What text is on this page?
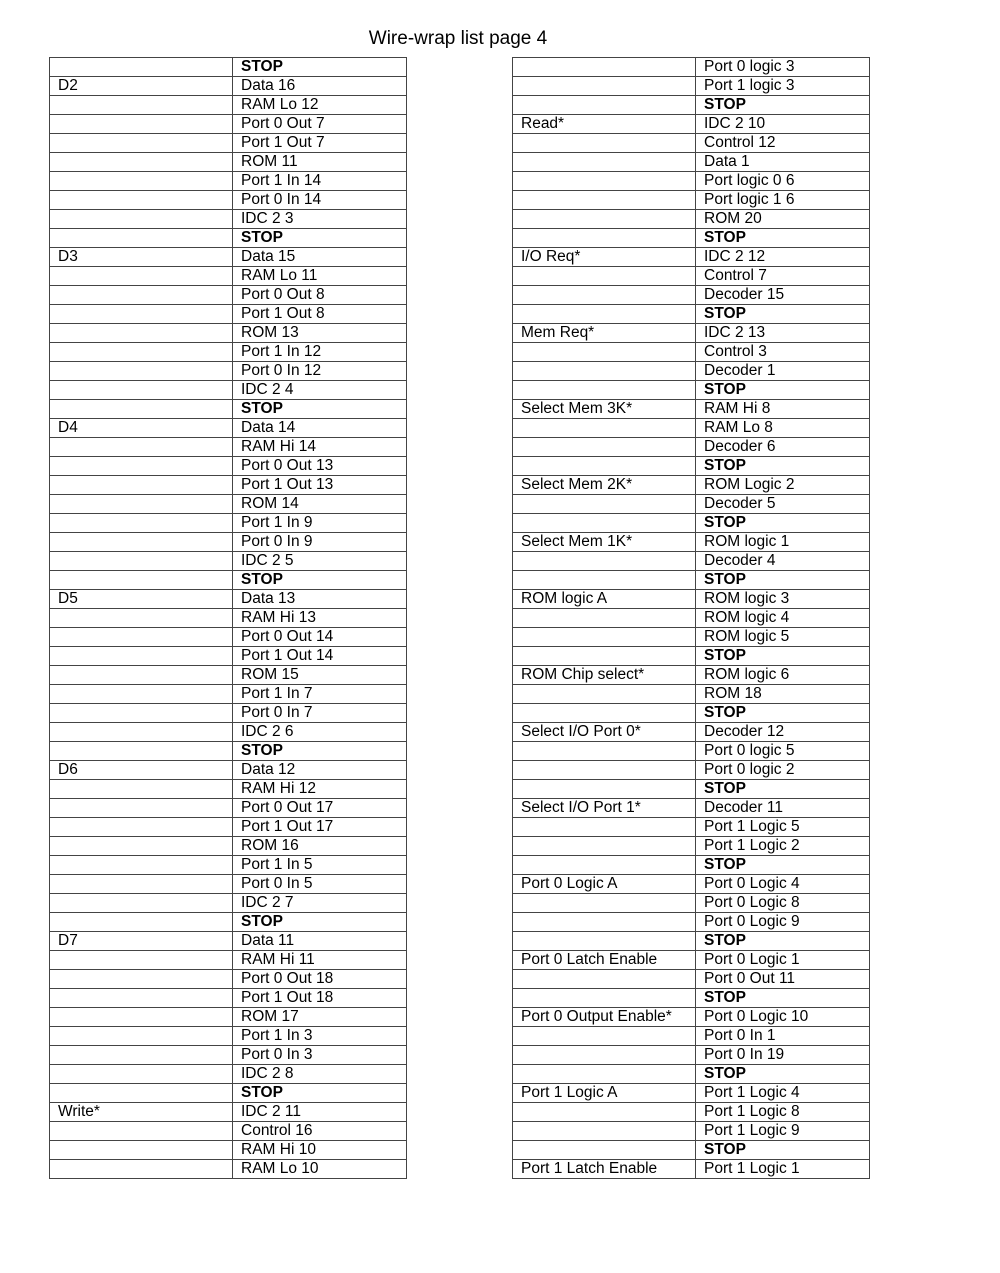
Wire-wrap list page 4
	STOP
D2	Data 16
	RAM Lo 12
	Port 0 Out 7
	Port 1 Out 7
	ROM 11
	Port 1 In 14
	Port 0 In 14
	IDC 2 3
	STOP
D3	Data 15
	RAM Lo 11
	Port 0 Out 8
	Port 1 Out 8
	ROM 13
	Port 1 In 12
	Port 0 In 12
	IDC 2 4
	STOP
D4	Data 14
	RAM Hi 14
	Port 0 Out 13
	Port 1 Out 13
	ROM 14
	Port 1 In 9
	Port 0 In 9
	IDC 2 5
	STOP
D5	Data 13
	RAM Hi 13
	Port 0 Out 14
	Port 1 Out 14
	ROM 15
	Port 1 In 7
	Port 0 In 7
	IDC 2 6
	STOP
D6	Data 12
	RAM Hi 12
	Port 0 Out 17
	Port 1 Out 17
	ROM 16
	Port 1 In 5
	Port 0 In 5
	IDC 2 7
	STOP
D7	Data 11
	RAM Hi 11
	Port 0 Out 18
	Port 1 Out 18
	ROM 17
	Port 1 In 3
	Port 0 In 3
	IDC 2 8
	STOP
Write*	IDC 2 11
	Control 16
	RAM Hi 10
	RAM Lo 10
	Port 0 logic 3
	Port 1 logic 3
	STOP
Read*	IDC 2 10
	Control 12
	Data 1
	Port logic 0 6
	Port logic 1 6
	ROM 20
	STOP
I/O Req*	IDC 2 12
	Control 7
	Decoder 15
	STOP
Mem Req*	IDC 2 13
	Control 3
	Decoder 1
	STOP
Select Mem 3K*	RAM Hi 8
	RAM Lo 8
	Decoder 6
	STOP
Select Mem 2K*	ROM Logic 2
	Decoder 5
	STOP
Select Mem 1K*	ROM logic 1
	Decoder 4
	STOP
ROM logic A	ROM logic 3
	ROM logic 4
	ROM logic 5
	STOP
ROM Chip select*	ROM logic 6
	ROM 18
	STOP
Select I/O Port 0*	Decoder 12
	Port 0 logic 5
	Port 0 logic 2
	STOP
Select I/O Port 1*	Decoder 11
	Port 1 Logic 5
	Port 1 Logic 2
	STOP
Port 0 Logic A	Port 0 Logic 4
	Port 0 Logic 8
	Port 0 Logic 9
	STOP
Port 0 Latch Enable	Port 0 Logic 1
	Port 0 Out 11
	STOP
Port 0 Output Enable*	Port 0 Logic 10
	Port 0 In 1
	Port 0 In 19
	STOP
Port 1 Logic A	Port 1 Logic 4
	Port 1 Logic 8
	Port 1 Logic 9
	STOP
Port 1 Latch Enable	Port 1 Logic 1
